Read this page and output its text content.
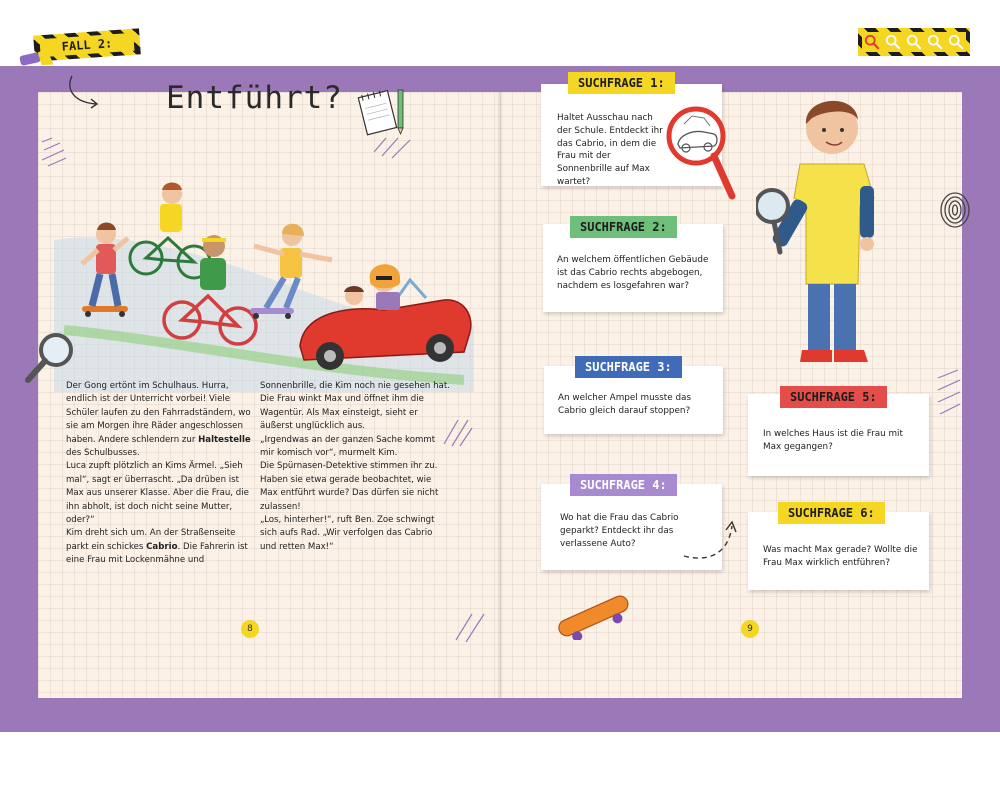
FALL 2:
Entführt?

Der Gong ertönt im Schulhaus. Hurra, endlich ist der Unterricht vorbei! Viele Schüler laufen zu den Fahrradständern, wo sie am Morgen ihre Räder angeschlossen haben. Andere schlendern zur Haltestelle des Schulbusses.

Luca zupft plötzlich an Kims Ärmel. „Sieh mal“, sagt er überrascht. „Da drüben ist Max aus unserer Klasse. Aber die Frau, die ihn abholt, ist doch nicht seine Mutter, oder?“

Kim dreht sich um. An der Straßenseite parkt ein schickes Cabrio. Die Fahrerin ist eine Frau mit Lockenmähne und

Sonnenbrille, die Kim noch nie gesehen hat. Die Frau winkt Max und öffnet ihm die Wagentür. Als Max einsteigt, sieht er äußerst unglücklich aus.

„Irgendwas an der ganzen Sache kommt mir komisch vor“, murmelt Kim.

Die Spürnasen-Detektive stimmen ihr zu. Haben sie etwa gerade beobachtet, wie Max entführt wurde? Das dürfen sie nicht zulassen!

„Los, hinterher!“, ruft Ben. Zoe schwingt sich aufs Rad. „Wir verfolgen das Cabrio und retten Max!“

8	9
SUCHFRAGE 1:
Haltet Ausschau nach der Schule. Entdeckt ihr das Cabrio, in dem die Frau mit der Sonnenbrille auf Max wartet?
SUCHFRAGE 2:
An welchem öffentlichen Gebäude ist das Cabrio rechts abgebogen, nachdem es losgefahren war?
SUCHFRAGE 3:
An welcher Ampel musste das Cabrio gleich darauf stoppen?
SUCHFRAGE 4:
Wo hat die Frau das Cabrio geparkt? Entdeckt ihr das verlassene Auto?
SUCHFRAGE 5:
In welches Haus ist die Frau mit Max gegangen?
SUCHFRAGE 6:
Was macht Max gerade? Wollte die Frau Max wirklich entführen?
